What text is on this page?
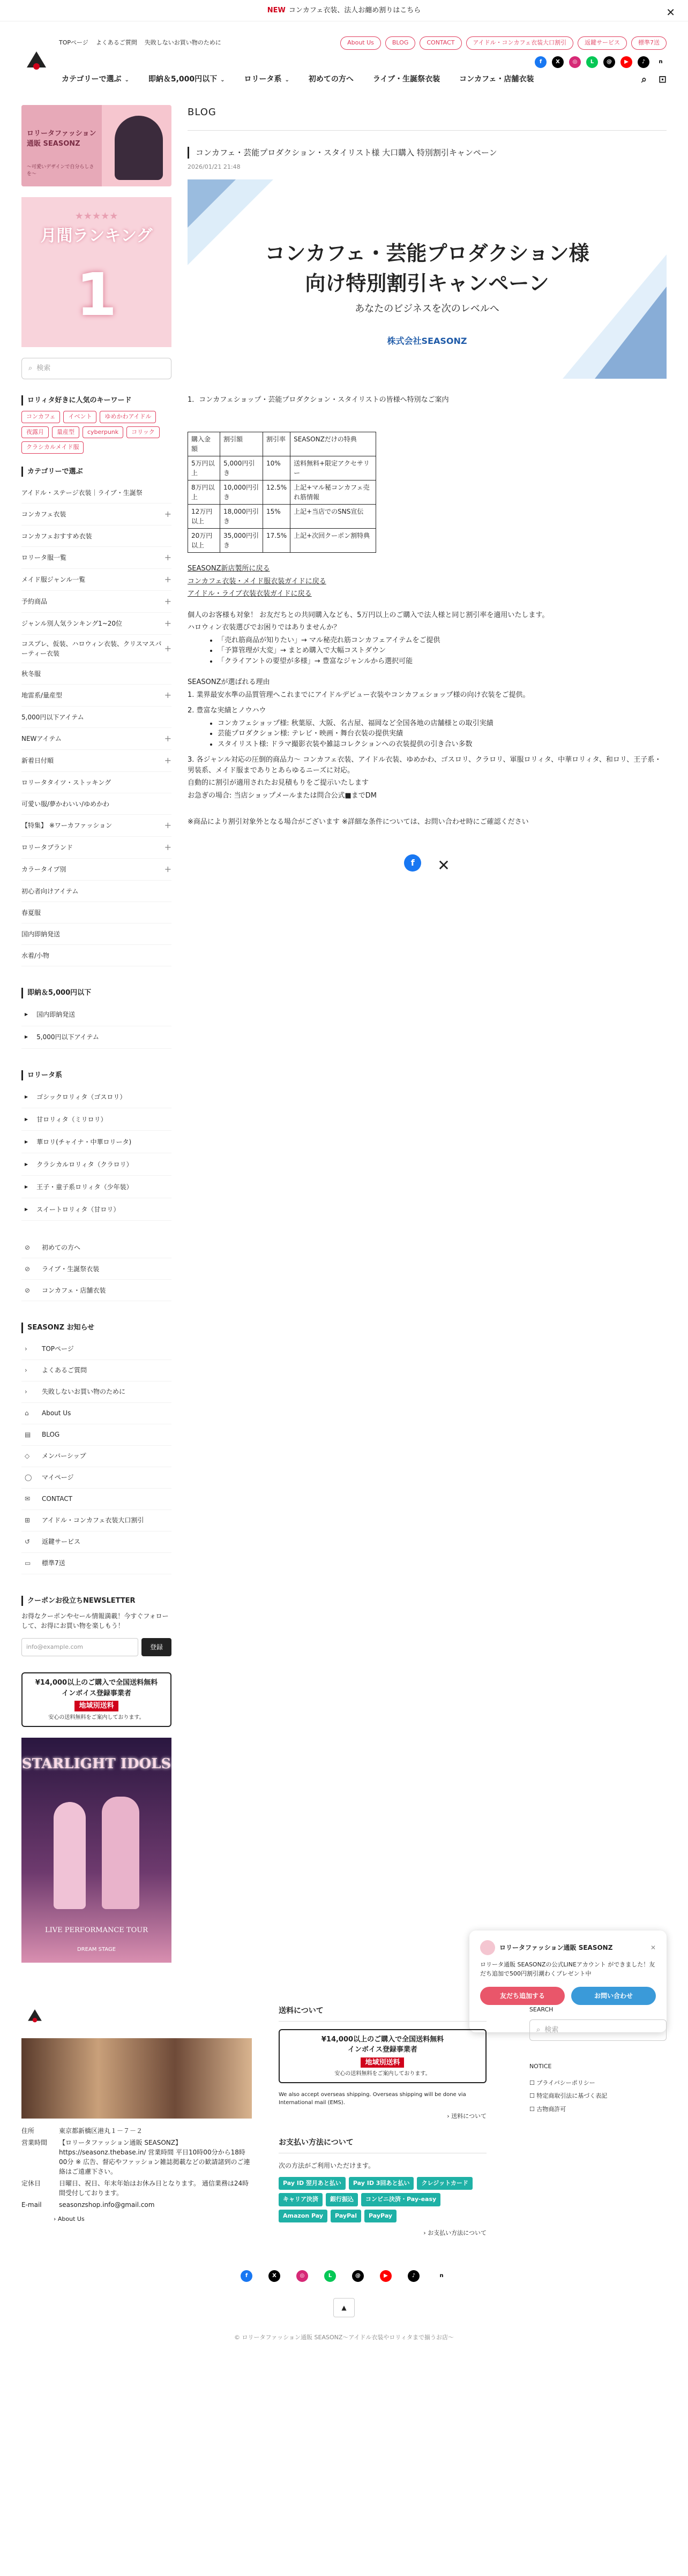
NEW コンカフェ衣装、法人お纏め割りはこちら	✕
TOPページ よくあるご質問 失敗しないお買い物のために	About Us	BLOG	CONTACT	アイドル・コンカフェ衣装大口割引	返鍵サービス	標準7送
f	X	◎	L	@	▶	♪	n
カテゴリーで選ぶ ⌄	即納＆5,000円以下 ⌄	ロリータ系 ⌄	初めての方へ	ライブ・生誕祭衣装	コンカフェ・店舗衣装	⌕ ⊡
ロリータファッション通販 SEASONZ
〜可愛いデザインで自分らしさを〜
月間ランキング
1
★★★★★
⌕ 検索
ロリィタ好きに人気のキーワード
コンカフェ	イベント	ゆめかわアイドル
夜露月	量産型	cyberpunk	コリック
クラシカルメイド服
カテゴリーで選ぶ
アイドル・ステージ衣装｜ライブ・生誕祭
コンカフェ衣装	+
コンカフェおすすめ衣装
ロリータ服一覧	+
メイド服ジャンル一覧	+
予約商品	+
ジャンル別人気ランキング1~20位	+
コスプレ、仮装、ハロウィン衣装、クリスマスパーティー衣装	+
秋冬服
地雷系/量産型	+
5,000円以下アイテム
NEWアイテム	+
新着日付順	+
ロリータタイツ・ストッキング
可愛い服/夢かわいい/ゆめかわ
【特集】 ※ワーカファッション	+
ロリータブランド	+
カラータイプ別	+
初心者向けアイテム
春夏服
国内即納発送
水着/小物
即納＆5,000円以下
▶ 国内即納発送
▶ 5,000円以下アイテム
ロリータ系
▶ ゴシックロリィタ（ゴスロリ）
▶ 甘ロリィタ（ミリロリ）
▶ 華ロリ(チャイナ・中華ロリータ)
▶ クラシカルロリィタ（クラロリ）
▶ 王子・童子系ロリィタ（少年装）
▶ スイートロリィタ（甘ロリ）
⊘	初めての方へ
⊘	ライブ・生誕祭衣装
⊘	コンカフェ・店舗衣装
SEASONZ お知らせ
›	TOPページ
›	よくあるご質問
›	失敗しないお買い物のために
⌂	About Us
▤	BLOG
◇	メンバーシップ
◯	マイページ
✉	CONTACT
⊞	アイドル・コンカフェ衣装大口割引
↺	返鍵サービス
▭	標準7送
クーポンお役立ちNEWSLETTER

お得なクーポンやセール情報満載！今すぐフォローして、お得にお買い物を楽しもう！

info@example.com	登録
¥14,000以上のご購入で全国送料無料
インボイス登録事業者
地域別送料
安心の送料無料をご案内しております。
STARLIGHT IDOLS
LIVE PERFORMANCE TOUR
DREAM STAGE
BLOG
コンカフェ・芸能プロダクション・スタイリスト様 大口購入 特別割引キャンペーン
2026/01/21 21:48
コンカフェ・芸能プロダクション様
向け特別割引キャンペーン
あなたのビジネスを次のレベルへ
株式会社SEASONZ

1．コンカフェショップ・芸能プロダクション・スタイリストの皆様へ特別なご案内

購入金額	割引額	割引率	SEASONZだけの特典
5万円以上	5,000円引き	10%	送料無料+限定アクセサリー
8万円以上	10,000円引き	12.5%	上記+マル秘コンカフェ売れ筋情報
12万円以上	18,000円引き	15%	上記+当店でのSNS宣伝
20万円以上	35,000円引き	17.5%	上記+次回クーポン割特典

SEASONZ新店製所に戻る

コンカフェ衣装・メイド服衣装ガイドに戻る

アイドル・ライブ衣装衣装ガイドに戻る

個人のお客様も対象！ お友だちとの共同購入なども、5万円以上のご購入で法人様と同じ割引率を適用いたします。

ハロウィン衣装選びでお困りではありませんか？

• 「売れ筋商品が知りたい」→ マル秘売れ筋コンカフェアイテムをご提供
• 「予算管理が大変」→ まとめ購入で大幅コストダウン
• 「クライアントの要望が多様」→ 豊富なジャンルから選択可能

SEASONZが選ばれる理由

1. 業界最安水準の品質管理へこれまでにアイドルデビュー衣装やコンカフェショップ様の向け衣装をご提供。

2. 豊富な実績とノウハウ

• コンカフェショップ様: 秋葉原、大阪、名古屋、福岡など全国各地の店舗様との取引実績
• 芸能プロダクション様: テレビ・映画・舞台衣装の提供実績
• スタイリスト様: ドラマ撮影衣装や雑誌コレクションへの衣装提供の引き合い多数

3. 各ジャンル対応の圧倒的商品力〜 コンカフェ衣装、アイドル衣装、ゆめかわ、ゴスロリ、クラロリ、軍服ロリィタ、中華ロリィタ、和ロリ、王子系・男装系、メイド服までありとあらゆるニーズに対応。

自動的に割引が適用されたお見積もりをご提示いたします

お急ぎの場合: 当店ショップメールまたは問合公式■までDM

※商品により割引対象外となる場合がございます ※詳細な条件については、お問い合わせ時にご確認ください

f	✕
ロリータファッション通販 SEASONZ	✕

ロリータ通販 SEASONZの公式LINEアカウント ができました！友だち追加で500円割引潮わくプレゼント中

友だち追加する	お問い合わせ
住所	東京都新橋区港丸１－７－２
営業時間	【ロリータファッション通販 SEASONZ】https://seasonz.thebase.in/ 営業時間 平日10時00分から18時00分 ※ 広告、督応やファッション雑誌掲載などの歓請諸到のご連絡はご遠慮下さい。
定休日	日曜日、祝日、年末年始はお休み日となります。 通信業務は24時間受付しております。
E-mail	seasonzshop.info@gmail.com
› About Us
送料について
¥14,000以上のご購入で全国送料無料
インボイス登録事業者
地域別送料
安心の送料無料をご案内しております。

We also accept overseas shipping. Overseas shipping will be done via International mail (EMS).

› 送料について

お支払い方法について

次の方法がご利用いただけます。

Pay ID 翌月あと払い	Pay ID 3回あと払い	クレジットカード
キャリア決済	銀行振込	コンビニ決済・Pay-easy
Amazon Pay	PayPal	PayPay

› お支払い方法について

SEARCH
⌕ 検索
NOTICE
☐ プライバシーポリシー
☐ 特定商取引法に基づく表記
☐ 古物商許可
f	X	◎	L	@	▶	♪	n
▲
© ロリータファッション通販 SEASONZ〜アイドル衣装やロリィタまで揃うお店〜
